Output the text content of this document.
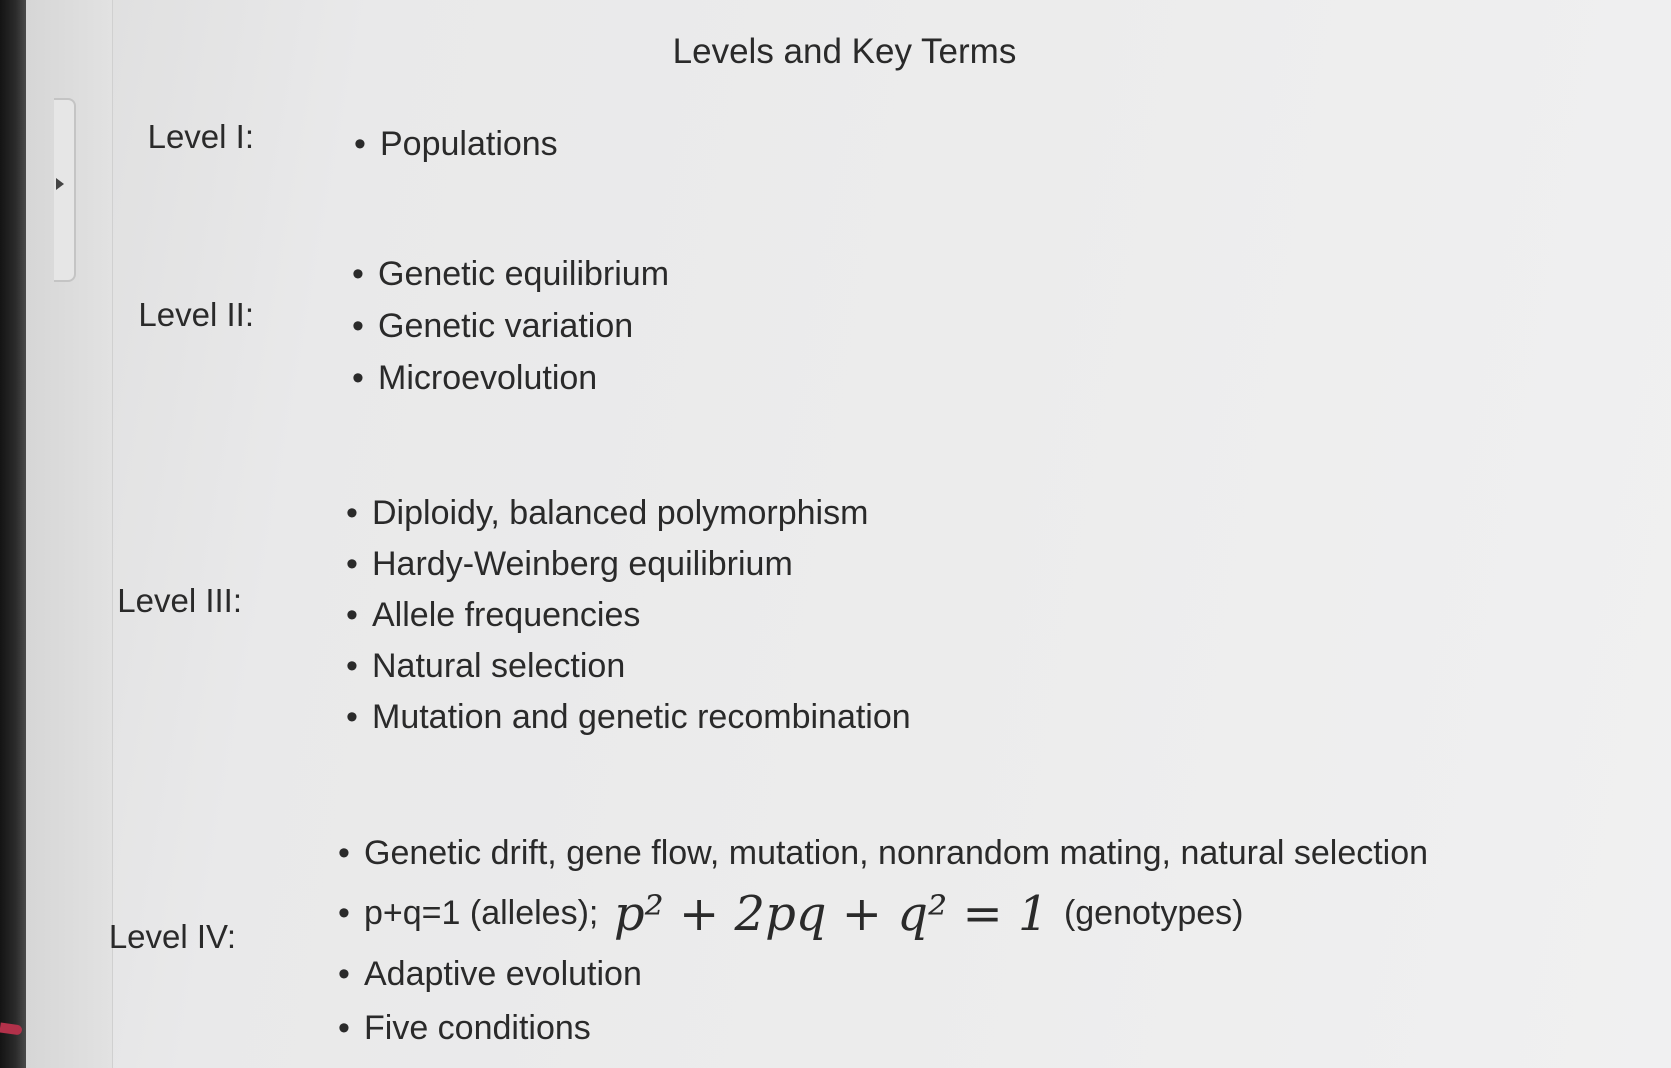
Levels and Key Terms
Level I:	• Populations
Level II:
• Genetic equilibrium
• Genetic variation
• Microevolution
Level III:
• Diploidy, balanced polymorphism
• Hardy-Weinberg equilibrium
• Allele frequencies
• Natural selection
• Mutation and genetic recombination
Level IV:
• Genetic drift, gene flow, mutation, nonrandom mating, natural selection
• p+q=1 (alleles); p² + 2pq + q² = 1 (genotypes)
• Adaptive evolution
• Five conditions
